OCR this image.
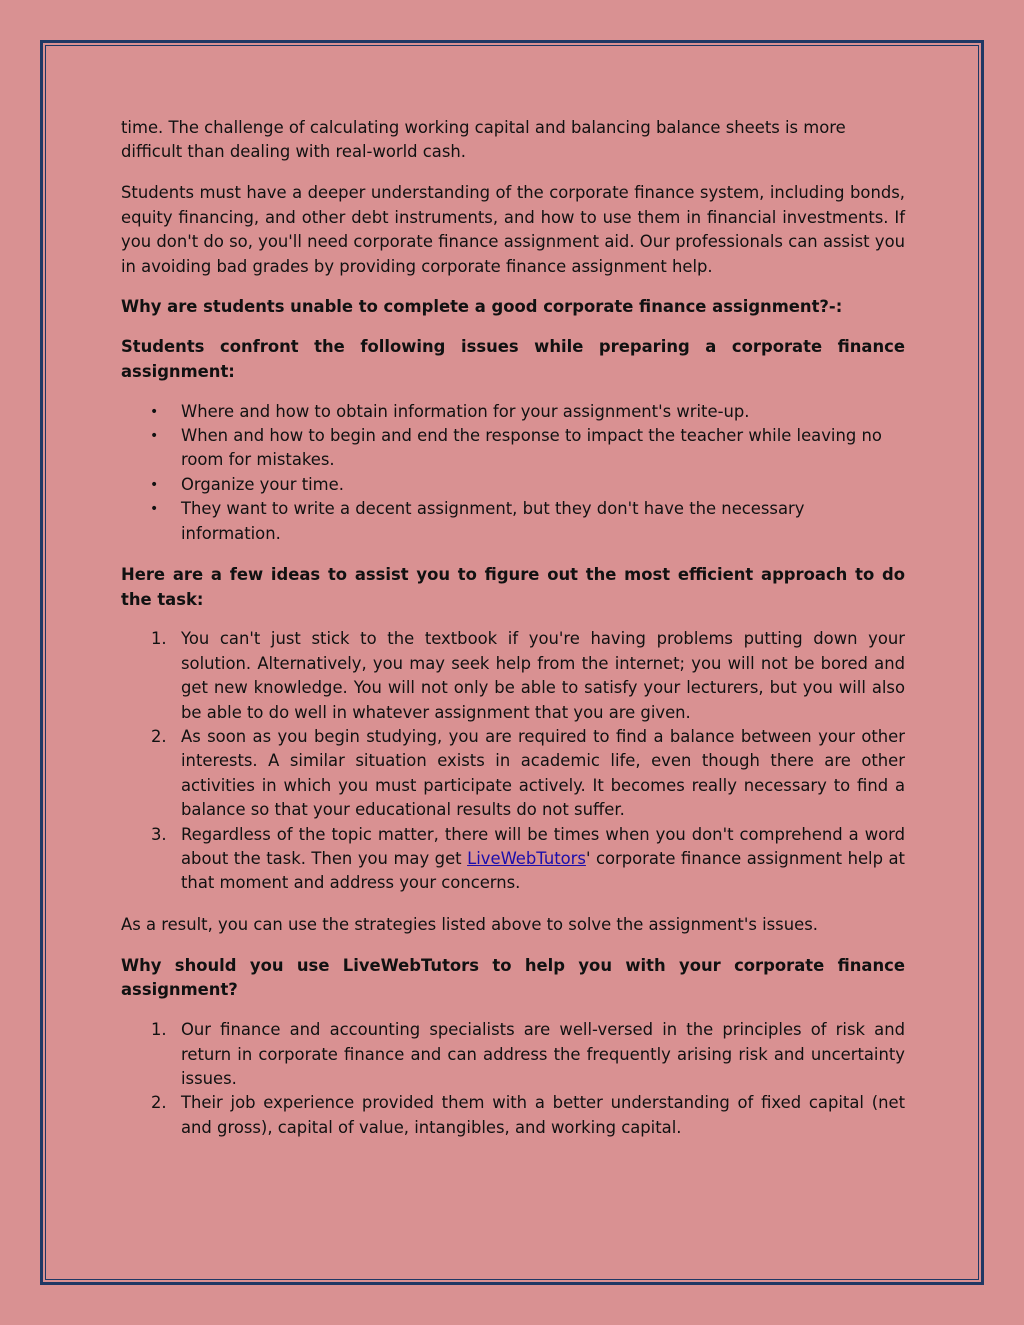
time. The challenge of calculating working capital and balancing balance sheets is more difficult than dealing with real-world cash.

Students must have a deeper understanding of the corporate finance system, including bonds, equity financing, and other debt instruments, and how to use them in financial investments. If you don't do so, you'll need corporate finance assignment aid. Our professionals can assist you in avoiding bad grades by providing corporate finance assignment help.

Why are students unable to complete a good corporate finance assignment?-:

Students confront the following issues while preparing a corporate finance assignment:

• Where and how to obtain information for your assignment's write-up.
• When and how to begin and end the response to impact the teacher while leaving no room for mistakes.
• Organize your time.
• They want to write a decent assignment, but they don't have the necessary information.

Here are a few ideas to assist you to figure out the most efficient approach to do the task:

1. You can't just stick to the textbook if you're having problems putting down your solution. Alternatively, you may seek help from the internet; you will not be bored and get new knowledge. You will not only be able to satisfy your lecturers, but you will also be able to do well in whatever assignment that you are given.
2. As soon as you begin studying, you are required to find a balance between your other interests. A similar situation exists in academic life, even though there are other activities in which you must participate actively. It becomes really necessary to find a balance so that your educational results do not suffer.
3. Regardless of the topic matter, there will be times when you don't comprehend a word about the task. Then you may get LiveWebTutors' corporate finance assignment help at that moment and address your concerns.

As a result, you can use the strategies listed above to solve the assignment's issues.

Why should you use LiveWebTutors to help you with your corporate finance assignment?

1. Our finance and accounting specialists are well-versed in the principles of risk and return in corporate finance and can address the frequently arising risk and uncertainty issues.
2. Their job experience provided them with a better understanding of fixed capital (net and gross), capital of value, intangibles, and working capital.
